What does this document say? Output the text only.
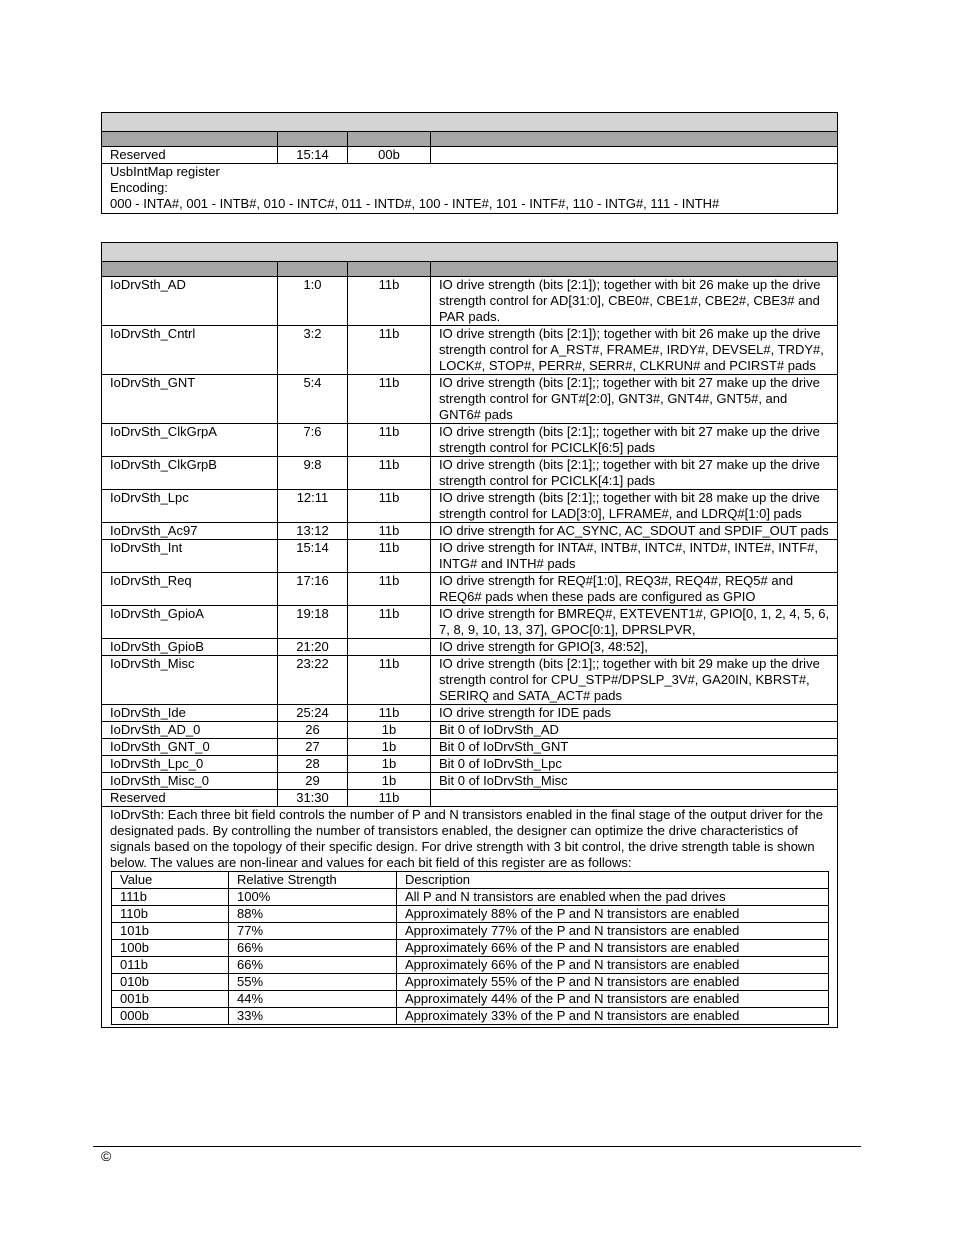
Reserved	15:14	00b	

UsbIntMap register
Encoding:
000 - INTA#, 001 - INTB#, 010 - INTC#, 011 - INTD#, 100 - INTE#, 101 - INTF#, 110 - INTG#, 111 - INTH#			

IoDrvSth_AD	1:0	11b	IO drive strength (bits [2:1]); together with bit 26 make up the drive strength control for AD[31:0], CBE0#, CBE1#, CBE2#, CBE3# and PAR pads.
IoDrvSth_Cntrl	3:2	11b	IO drive strength (bits [2:1]); together with bit 26 make up the drive strength control for A_RST#, FRAME#, IRDY#, DEVSEL#, TRDY#, LOCK#, STOP#, PERR#, SERR#, CLKRUN# and PCIRST# pads
IoDrvSth_GNT	5:4	11b	IO drive strength (bits [2:1];; together with bit 27 make up the drive strength control for GNT#[2:0], GNT3#, GNT4#, GNT5#, and GNT6# pads
IoDrvSth_ClkGrpA	7:6	11b	IO drive strength (bits [2:1];; together with bit 27 make up the drive strength control for PCICLK[6:5] pads
IoDrvSth_ClkGrpB	9:8	11b	IO drive strength (bits [2:1];; together with bit 27 make up the drive strength control for PCICLK[4:1] pads
IoDrvSth_Lpc	12:11	11b	IO drive strength (bits [2:1];; together with bit 28 make up the drive strength control for LAD[3:0], LFRAME#, and LDRQ#[1:0] pads
IoDrvSth_Ac97	13:12	11b	IO drive strength for AC_SYNC, AC_SDOUT and SPDIF_OUT pads
IoDrvSth_Int	15:14	11b	IO drive strength for INTA#, INTB#, INTC#, INTD#, INTE#, INTF#, INTG# and INTH# pads
IoDrvSth_Req	17:16	11b	IO drive strength for REQ#[1:0], REQ3#, REQ4#, REQ5# and REQ6# pads when these pads are configured as GPIO
IoDrvSth_GpioA	19:18	11b	IO drive strength for BMREQ#, EXTEVENT1#, GPIO[0, 1, 2, 4, 5, 6, 7, 8, 9, 10, 13, 37], GPOC[0:1], DPRSLPVR,
IoDrvSth_GpioB	21:20		IO drive strength for GPIO[3, 48:52],
IoDrvSth_Misc	23:22	11b	IO drive strength (bits [2:1];; together with bit 29 make up the drive strength control for CPU_STP#/DPSLP_3V#, GA20IN, KBRST#, SERIRQ and SATA_ACT# pads
IoDrvSth_Ide	25:24	11b	IO drive strength for IDE pads
IoDrvSth_AD_0	26	1b	Bit 0 of IoDrvSth_AD
IoDrvSth_GNT_0	27	1b	Bit 0 of IoDrvSth_GNT
IoDrvSth_Lpc_0	28	1b	Bit 0 of IoDrvSth_Lpc
IoDrvSth_Misc_0	29	1b	Bit 0 of IoDrvSth_Misc
Reserved	31:30	11b	

IoDrvSth: Each three bit field controls the number of P and N transistors enabled in the final stage of the output driver for the designated pads. By controlling the number of transistors enabled, the designer can optimize the drive characteristics of signals based on the topology of their specific design. For drive strength with 3 bit control, the drive strength table is shown below. The values are non-linear and values for each bit field of this register are as follows:
Value	Relative Strength	Description
111b	100%	All P and N transistors are enabled when the pad drives
110b	88%	Approximately 88% of the P and N transistors are enabled
101b	77%	Approximately 77% of the P and N transistors are enabled
100b	66%	Approximately 66% of the P and N transistors are enabled
011b	66%	Approximately 66% of the P and N transistors are enabled
010b	55%	Approximately 55% of the P and N transistors are enabled
001b	44%	Approximately 44% of the P and N transistors are enabled
000b	33%	Approximately 33% of the P and N transistors are enabled
©
